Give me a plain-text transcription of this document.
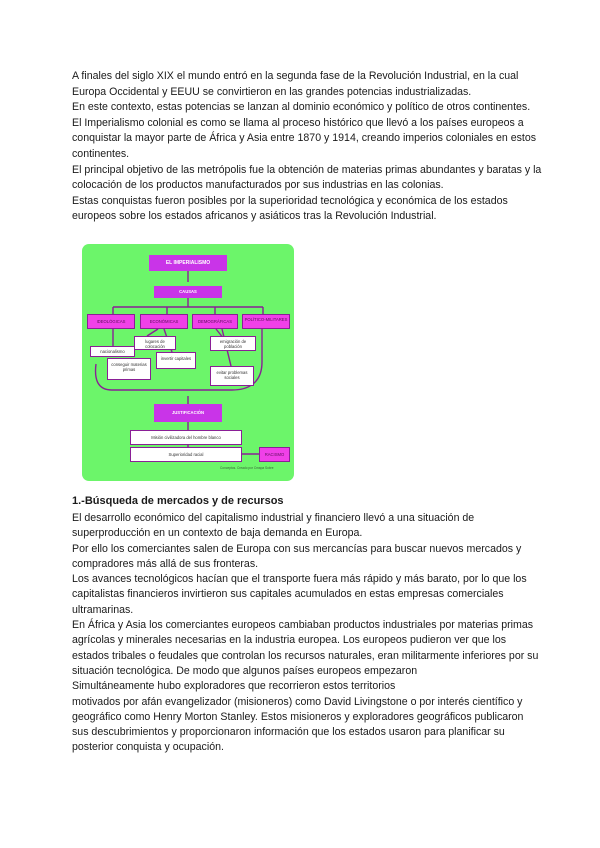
A finales del siglo XIX el mundo entró en la segunda fase de la Revolución Industrial, en la cual Europa Occidental y EEUU se convirtieron en las grandes potencias industrializadas.

En este contexto, estas potencias se lanzan al dominio económico y político de otros continentes.

El Imperialismo colonial es como se llama al proceso histórico que llevó a los países europeos a conquistar la mayor parte de África y Asia entre 1870 y 1914, creando imperios coloniales en estos continentes.

El principal objetivo de las metrópolis fue la obtención de materias primas abundantes y baratas y la colocación de los productos manufacturados por sus industrias en las colonias.

Estas conquistas fueron posibles por la superioridad tecnológica y económica de los estados europeos sobre los estados africanos y asiáticos tras la Revolución Industrial.

EL IMPERIALISMO
CAUSAS
IDEOLÓGICAS	ECONÓMICAS	DEMOGRÁFICAS	POLÍTICO-MILITARES
nacionalismo
lugares de colocación
conseguir materias primas
invertir capitales
emigración de población
evitar problemas sociales
JUSTIFICACIÓN
Misión civilizadora del hombre blanco
Superioridad racial	RACISMO
Conceptos. Creado por Cmapa Sobre
1.-Búsqueda de mercados y de recursos

El desarrollo económico del capitalismo industrial y financiero llevó a una situación de superproducción en un contexto de baja demanda en Europa.

Por ello los comerciantes salen de Europa con sus mercancías para buscar nuevos mercados y compradores más allá de sus fronteras.

Los avances tecnológicos hacían que el transporte fuera más rápido y más barato, por lo que los capitalistas financieros invirtieron sus capitales acumulados en estas empresas comerciales ultramarinas.

En África y Asia los comerciantes europeos cambiaban productos industriales por materias primas agrícolas y minerales necesarias en la industria europea. Los europeos pudieron ver que los estados tribales o feudales que controlan los recursos naturales, eran militarmente inferiores por su situación tecnológica. De modo que algunos países europeos empezaron

Simultáneamente hubo exploradores que recorrieron estos territorios

motivados por afán evangelizador (misioneros) como David Livingstone o por interés científico y geográfico como Henry Morton Stanley. Estos misioneros y exploradores geográficos publicaron sus descubrimientos y proporcionaron información que los estados usaron para planificar su posterior conquista y ocupación.
